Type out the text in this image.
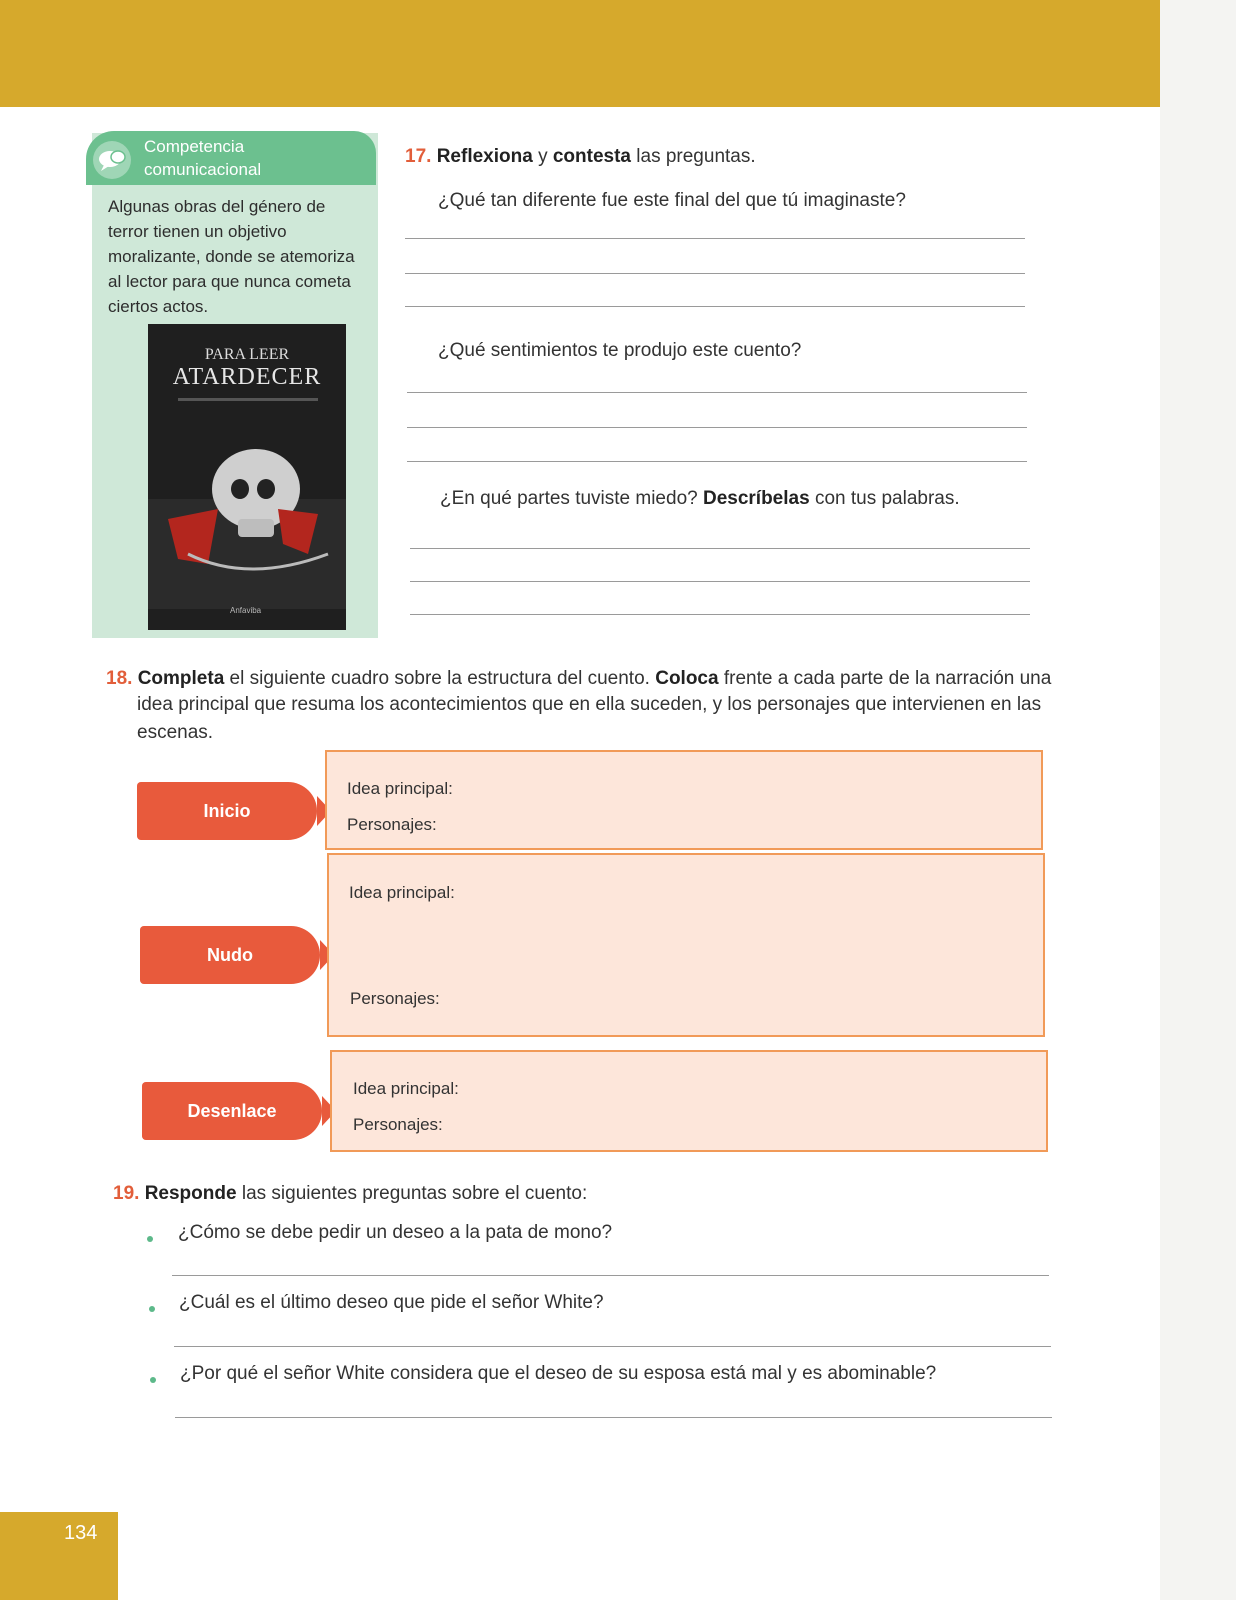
Competencia
comunicacional
Algunas obras del género de terror tienen un objetivo moralizante, donde se atemoriza al lector para que nunca cometa ciertos actos.
PARA LEER
ATARDECER
Anfaviba
17. Reflexiona y contesta las preguntas.
¿Qué tan diferente fue este final del que tú imaginaste?
¿Qué sentimientos te produjo este cuento?
¿En qué partes tuviste miedo? Descríbelas con tus palabras.
18. Completa el siguiente cuadro sobre la estructura del cuento. Coloca frente a cada parte de la narración una
idea principal que resuma los acontecimientos que en ella suceden, y los personajes que intervienen en las
escenas.
Inicio
Idea principal:
Personajes:
Nudo
Idea principal:
Personajes:
Desenlace
Idea principal:
Personajes:
19. Responde las siguientes preguntas sobre el cuento:
¿Cómo se debe pedir un deseo a la pata de mono?
¿Cuál es el último deseo que pide el señor White?
¿Por qué el señor White considera que el deseo de su esposa está mal y es abominable?
134
